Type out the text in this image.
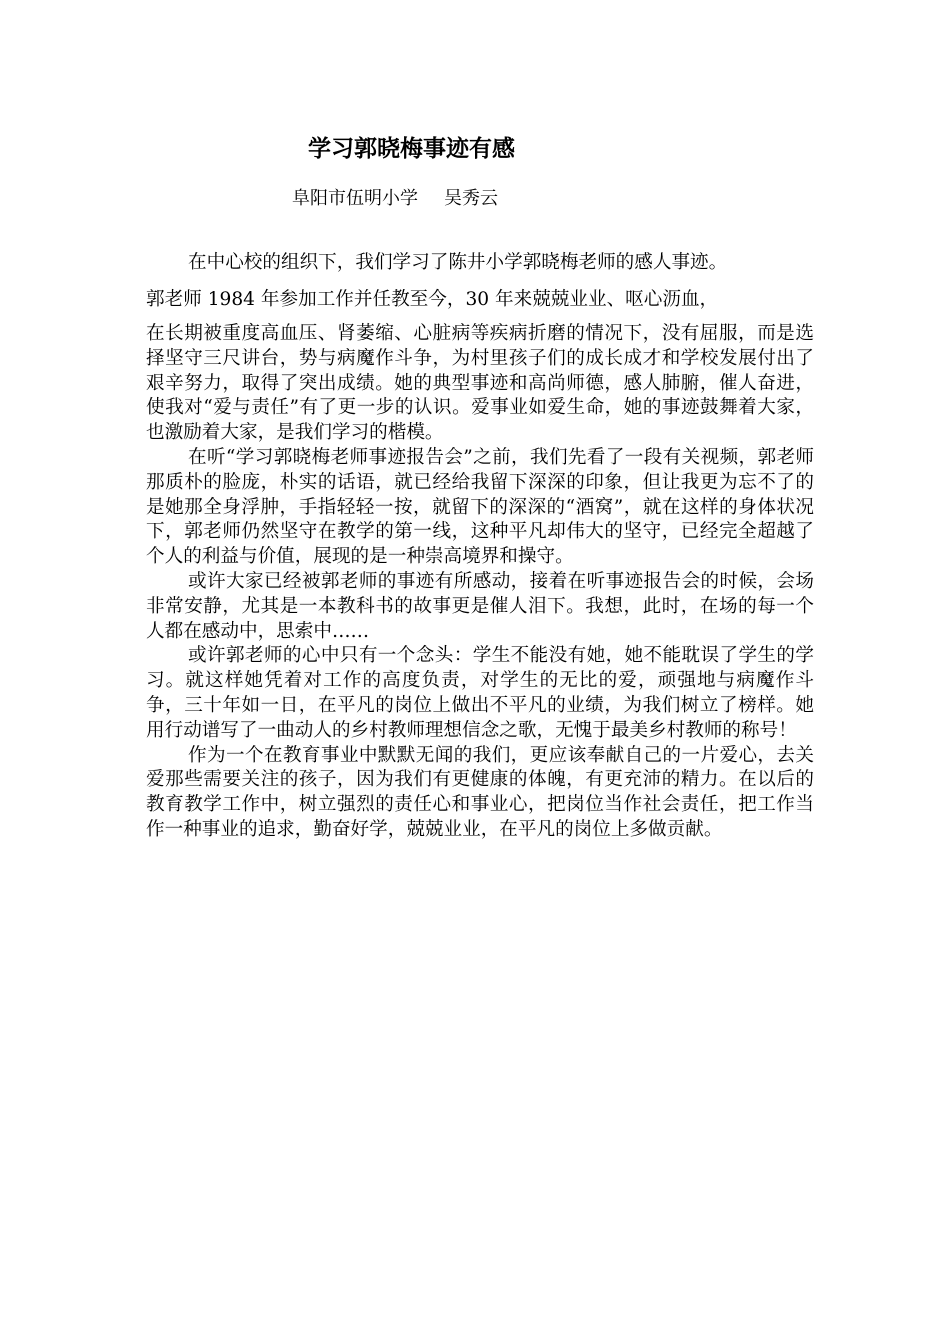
学习郭晓梅事迹有感
阜阳市伍明小学 吴秀云
在中心校的组织下，我们学习了陈井小学郭晓梅老师的感人事迹。
郭老师 1984 年参加工作并任教至今，30 年来兢兢业业、呕心沥血，

在长期被重度高血压、肾萎缩、心脏病等疾病折磨的情况下，没有屈服，而是选择坚守三尺讲台，势与病魔作斗争，为村里孩子们的成长成才和学校发展付出了艰辛努力，取得了突出成绩。她的典型事迹和高尚师德，感人肺腑，催人奋进，使我对“爱与责任”有了更一步的认识。爱事业如爱生命，她的事迹鼓舞着大家，也激励着大家，是我们学习的楷模。

在听“学习郭晓梅老师事迹报告会”之前，我们先看了一段有关视频，郭老师那质朴的脸庞，朴实的话语，就已经给我留下深深的印象，但让我更为忘不了的是她那全身浮肿，手指轻轻一按，就留下的深深的“酒窝”，就在这样的身体状况下，郭老师仍然坚守在教学的第一线，这种平凡却伟大的坚守，已经完全超越了个人的利益与价值，展现的是一种崇高境界和操守。

或许大家已经被郭老师的事迹有所感动，接着在听事迹报告会的时候，会场非常安静，尤其是一本教科书的故事更是催人泪下。我想，此时，在场的每一个人都在感动中，思索中……

或许郭老师的心中只有一个念头：学生不能没有她，她不能耽误了学生的学习。就这样她凭着对工作的高度负责，对学生的无比的爱，顽强地与病魔作斗争，三十年如一日，在平凡的岗位上做出不平凡的业绩，为我们树立了榜样。她用行动谱写了一曲动人的乡村教师理想信念之歌，无愧于最美乡村教师的称号！

作为一个在教育事业中默默无闻的我们，更应该奉献自己的一片爱心，去关爱那些需要关注的孩子，因为我们有更健康的体魄，有更充沛的精力。在以后的教育教学工作中，树立强烈的责任心和事业心，把岗位当作社会责任，把工作当作一种事业的追求，勤奋好学，兢兢业业，在平凡的岗位上多做贡献。
